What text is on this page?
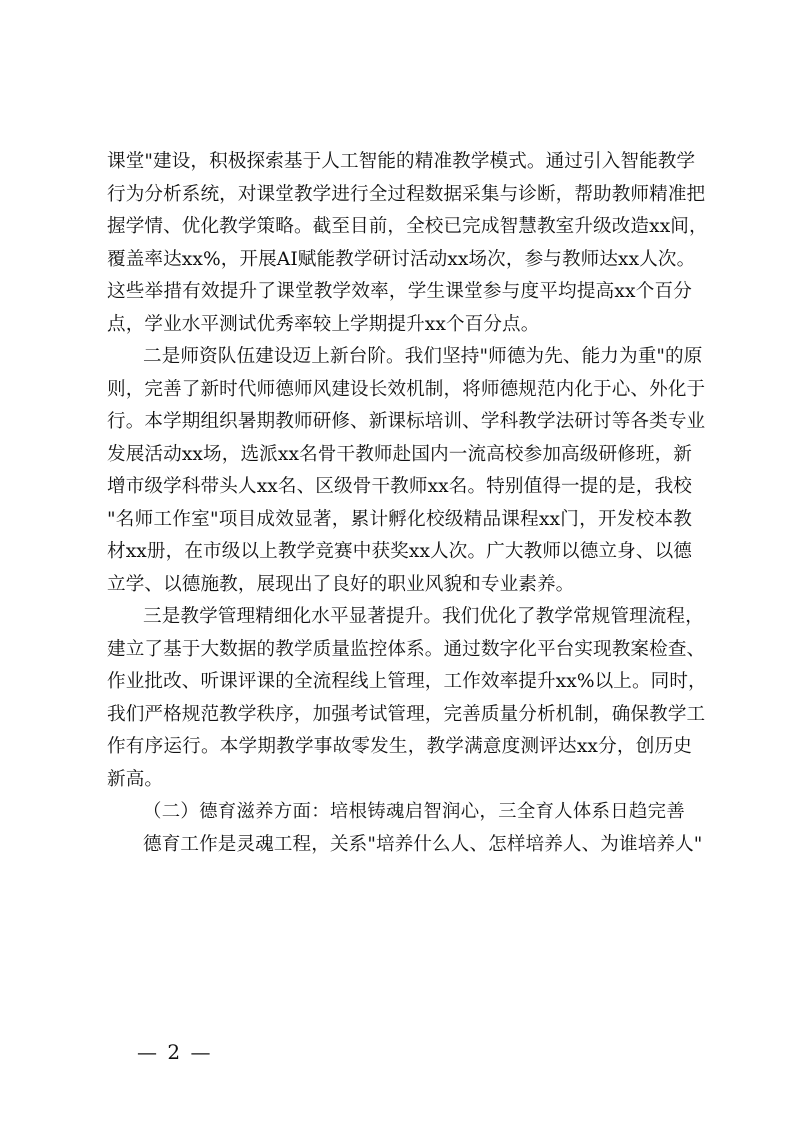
课堂"建设，积极探索基于人工智能的精准教学模式。通过引入智能教学
行为分析系统，对课堂教学进行全过程数据采集与诊断，帮助教师精准把
握学情、优化教学策略。截至目前，全校已完成智慧教室升级改造xx间，
覆盖率达xx%，开展AI赋能教学研讨活动xx场次，参与教师达xx人次。
这些举措有效提升了课堂教学效率，学生课堂参与度平均提高xx个百分
点，学业水平测试优秀率较上学期提升xx个百分点。
二是师资队伍建设迈上新台阶。我们坚持"师德为先、能力为重"的原
则，完善了新时代师德师风建设长效机制，将师德规范内化于心、外化于
行。本学期组织暑期教师研修、新课标培训、学科教学法研讨等各类专业
发展活动xx场，选派xx名骨干教师赴国内一流高校参加高级研修班，新
增市级学科带头人xx名、区级骨干教师xx名。特别值得一提的是，我校
"名师工作室"项目成效显著，累计孵化校级精品课程xx门，开发校本教
材xx册，在市级以上教学竞赛中获奖xx人次。广大教师以德立身、以德
立学、以德施教，展现出了良好的职业风貌和专业素养。
三是教学管理精细化水平显著提升。我们优化了教学常规管理流程，
建立了基于大数据的教学质量监控体系。通过数字化平台实现教案检查、
作业批改、听课评课的全流程线上管理，工作效率提升xx%以上。同时，
我们严格规范教学秩序，加强考试管理，完善质量分析机制，确保教学工
作有序运行。本学期教学事故零发生，教学满意度测评达xx分，创历史
新高。
（二）德育滋养方面：培根铸魂启智润心，三全育人体系日趋完善
德育工作是灵魂工程，关系"培养什么人、怎样培养人、为谁培养人"
— 2 —
